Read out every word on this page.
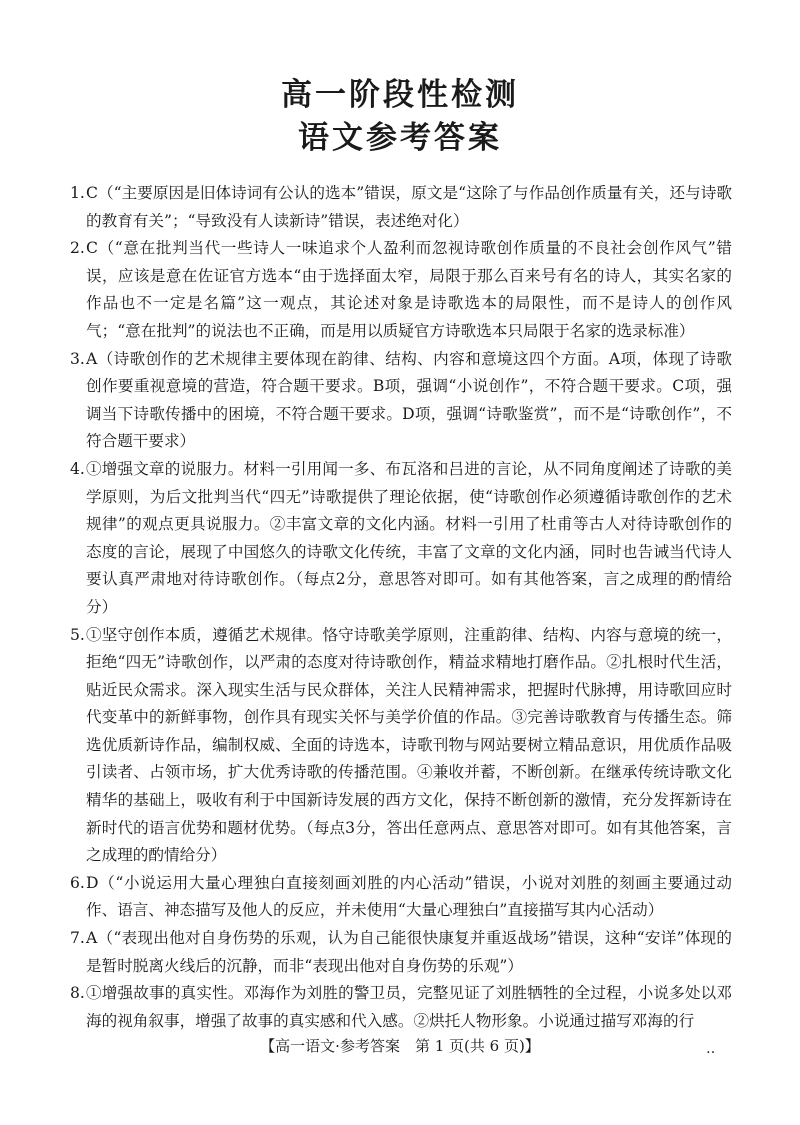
高一阶段性检测
语文参考答案
1. C（“主要原因是旧体诗词有公认的选本”错误，原文是“这除了与作品创作质量有关，还与诗歌的教育有关”；“导致没有人读新诗”错误，表述绝对化）
2. C（“意在批判当代一些诗人一味追求个人盈利而忽视诗歌创作质量的不良社会创作风气”错误，应该是意在佐证官方选本“由于选择面太窄，局限于那么百来号有名的诗人，其实名家的作品也不一定是名篇”这一观点，其论述对象是诗歌选本的局限性，而不是诗人的创作风气；“意在批判”的说法也不正确，而是用以质疑官方诗歌选本只局限于名家的选录标准）
3. A（诗歌创作的艺术规律主要体现在韵律、结构、内容和意境这四个方面。A项，体现了诗歌创作要重视意境的营造，符合题干要求。B项，强调“小说创作”，不符合题干要求。C项，强调当下诗歌传播中的困境，不符合题干要求。D项，强调“诗歌鉴赏”，而不是“诗歌创作”，不符合题干要求）
4. ①增强文章的说服力。材料一引用闻一多、布瓦洛和吕进的言论，从不同角度阐述了诗歌的美学原则，为后文批判当代“四无”诗歌提供了理论依据，使“诗歌创作必须遵循诗歌创作的艺术规律”的观点更具说服力。②丰富文章的文化内涵。材料一引用了杜甫等古人对待诗歌创作的态度的言论，展现了中国悠久的诗歌文化传统，丰富了文章的文化内涵，同时也告诫当代诗人要认真严肃地对待诗歌创作。（每点2分，意思答对即可。如有其他答案，言之成理的酌情给分）
5. ①坚守创作本质，遵循艺术规律。恪守诗歌美学原则，注重韵律、结构、内容与意境的统一，拒绝“四无”诗歌创作，以严肃的态度对待诗歌创作，精益求精地打磨作品。②扎根时代生活，贴近民众需求。深入现实生活与民众群体，关注人民精神需求，把握时代脉搏，用诗歌回应时代变革中的新鲜事物，创作具有现实关怀与美学价值的作品。③完善诗歌教育与传播生态。筛选优质新诗作品，编制权威、全面的诗选本，诗歌刊物与网站要树立精品意识，用优质作品吸引读者、占领市场，扩大优秀诗歌的传播范围。④兼收并蓄，不断创新。在继承传统诗歌文化精华的基础上，吸收有利于中国新诗发展的西方文化，保持不断创新的激情，充分发挥新诗在新时代的语言优势和题材优势。（每点3分，答出任意两点、意思答对即可。如有其他答案，言之成理的酌情给分）
6. D（“小说运用大量心理独白直接刻画刘胜的内心活动”错误，小说对刘胜的刻画主要通过动作、语言、神态描写及他人的反应，并未使用“大量心理独白”直接描写其内心活动）
7. A（“表现出他对自身伤势的乐观，认为自己能很快康复并重返战场”错误，这种“安详”体现的是暂时脱离火线后的沉静，而非“表现出他对自身伤势的乐观”）
8. ①增强故事的真实性。邓海作为刘胜的警卫员，完整见证了刘胜牺牲的全过程，小说多处以邓海的视角叙事，增强了故事的真实感和代入感。②烘托人物形象。小说通过描写邓海的行
【高一语文·参考答案　第 1 页(共 6 页)】	‥
